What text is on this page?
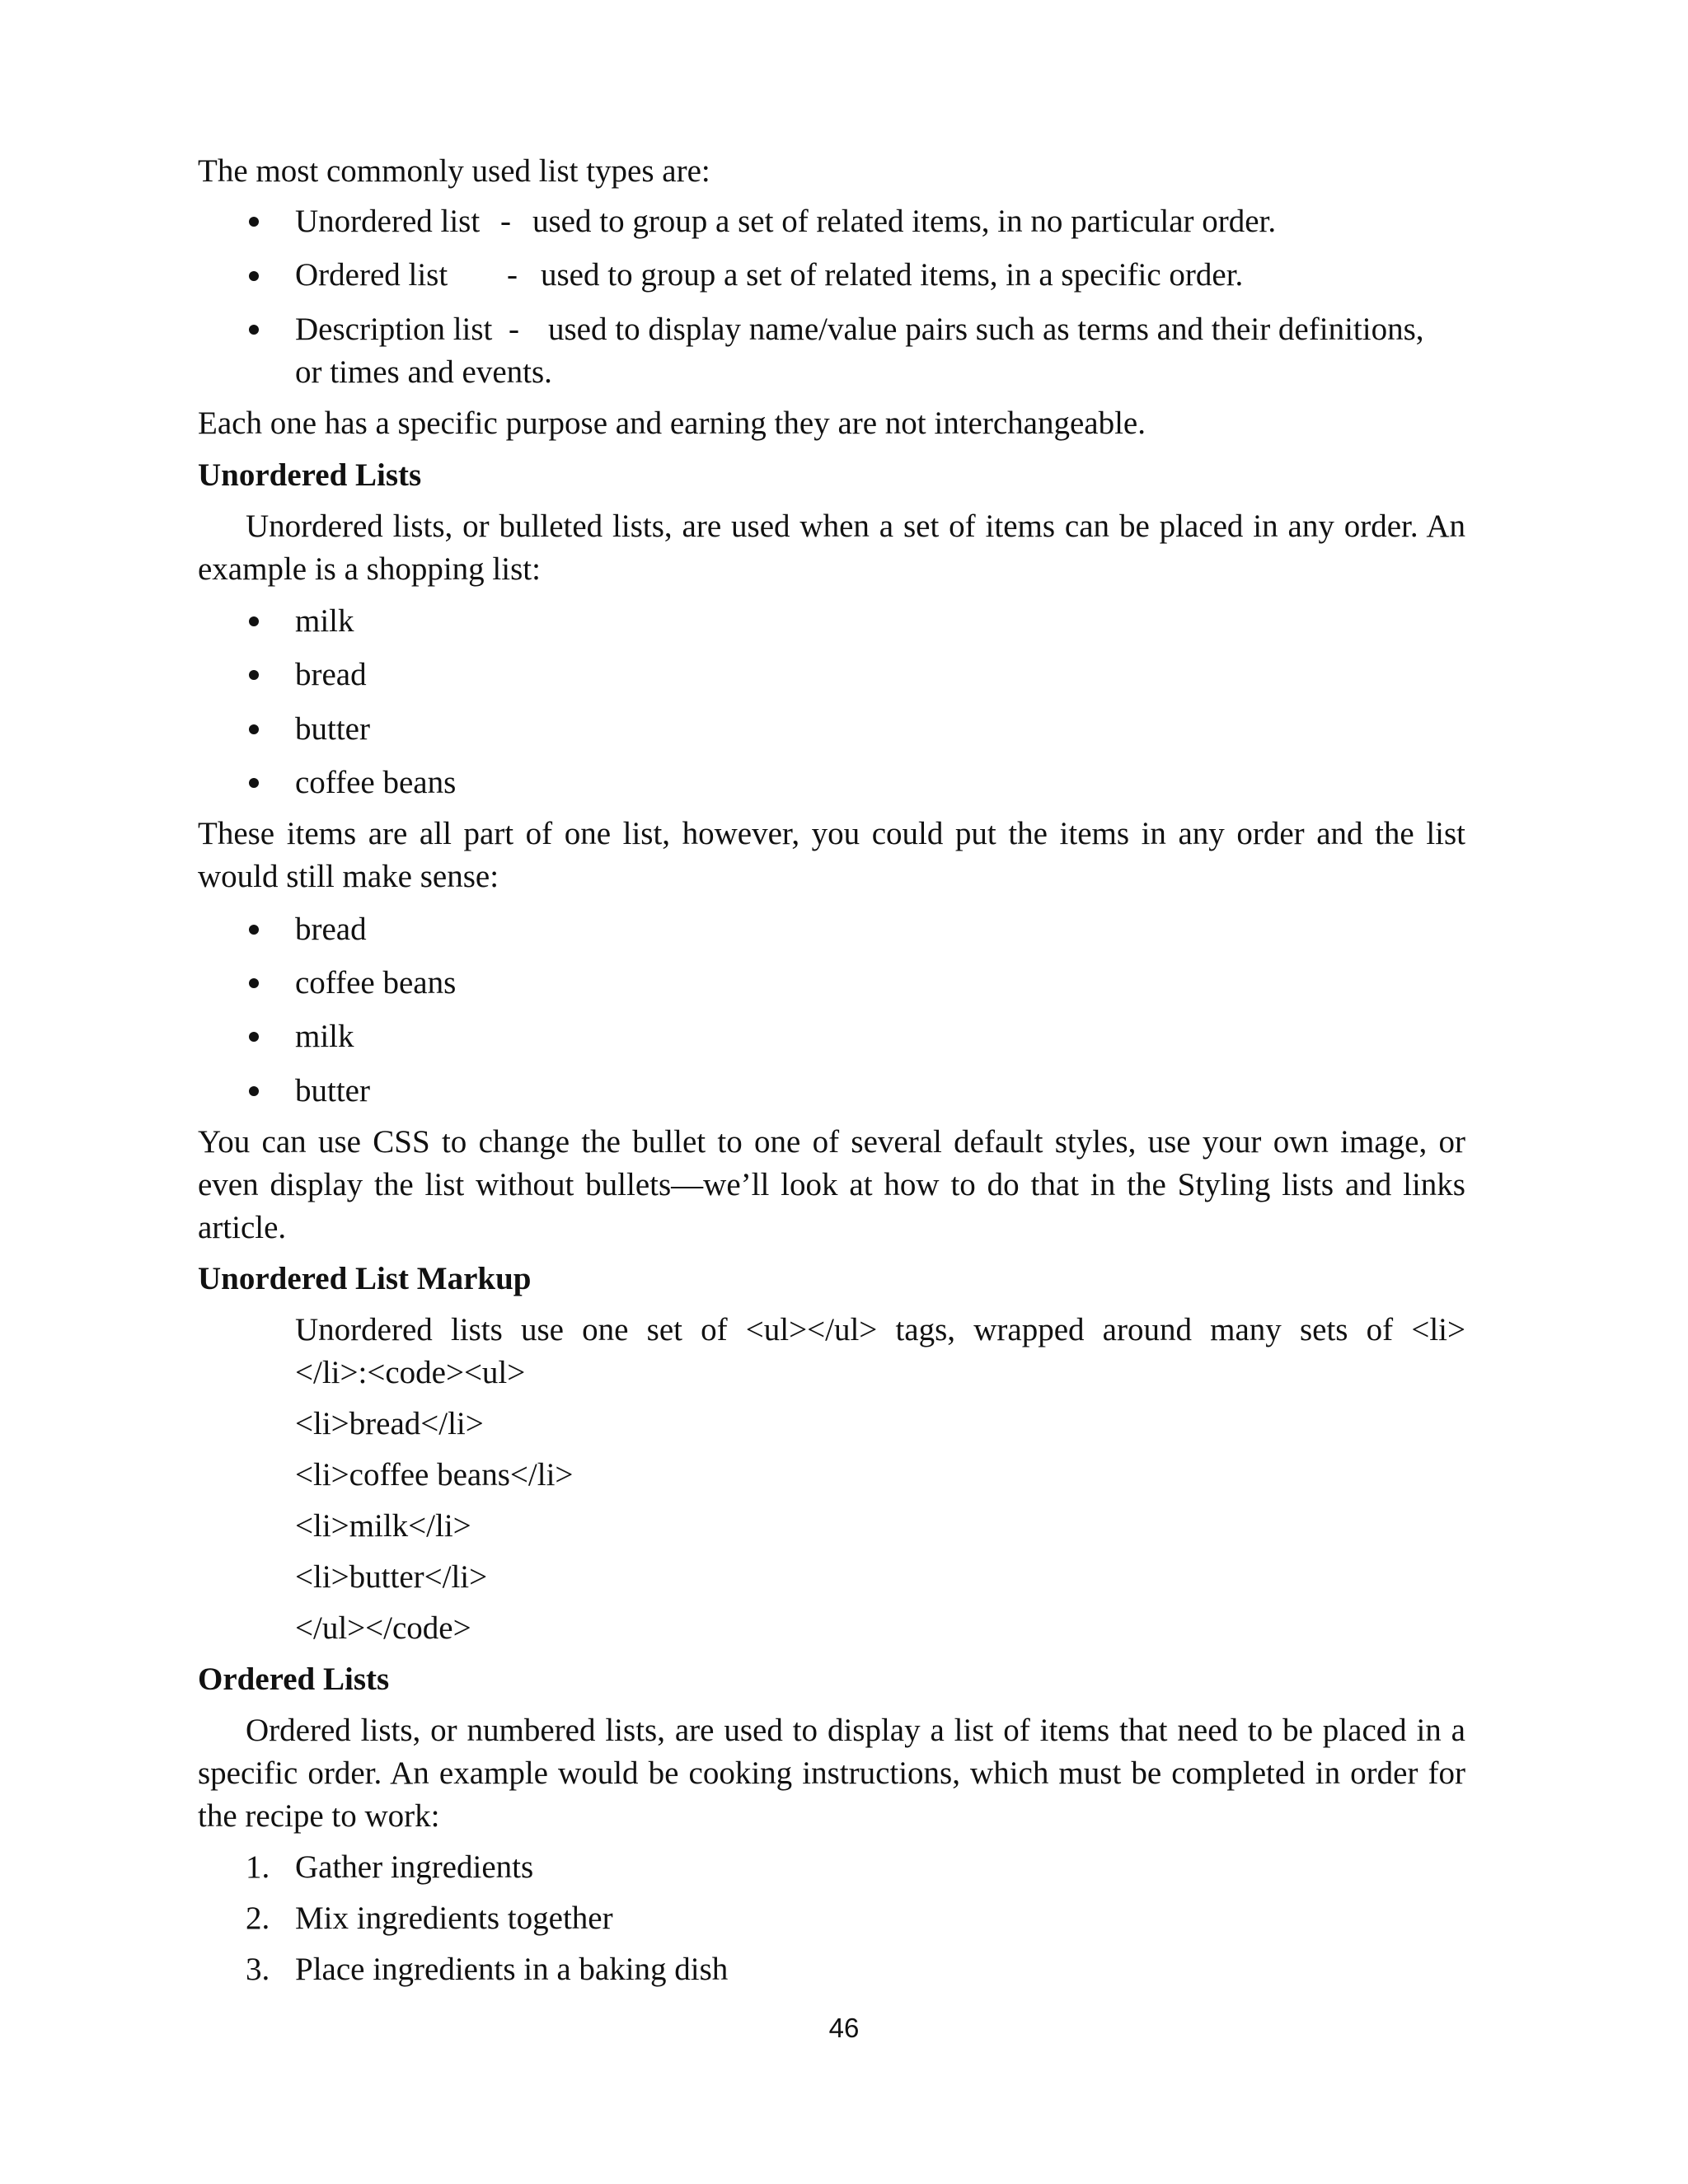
The most commonly used list types are:
Unordered list - used to group a set of related items, in no particular order.
Ordered list - used to group a set of related items, in a specific order.
Description list - used to display name/value pairs such as terms and their definitions,
or times and events.
Each one has a specific purpose and earning they are not interchangeable.
Unordered Lists
Unordered lists, or bulleted lists, are used when a set of items can be placed in any order. An
example is a shopping list:
milk
bread
butter
coffee beans
These items are all part of one list, however, you could put the items in any order and the list
would still make sense:
bread
coffee beans
milk
butter
You can use CSS to change the bullet to one of several default styles, use your own image, or
even display the list without bullets—we’ll look at how to do that in the Styling lists and links
article.
Unordered List Markup
Unordered lists use one set of <ul></ul> tags, wrapped around many sets of <li>
</li>:<code><ul>
<li>bread</li>
<li>coffee beans</li>
<li>milk</li>
<li>butter</li>
</ul></code>
Ordered Lists
Ordered lists, or numbered lists, are used to display a list of items that need to be placed in a
specific order. An example would be cooking instructions, which must be completed in order for
the recipe to work:
1. Gather ingredients
2. Mix ingredients together
3. Place ingredients in a baking dish
46
